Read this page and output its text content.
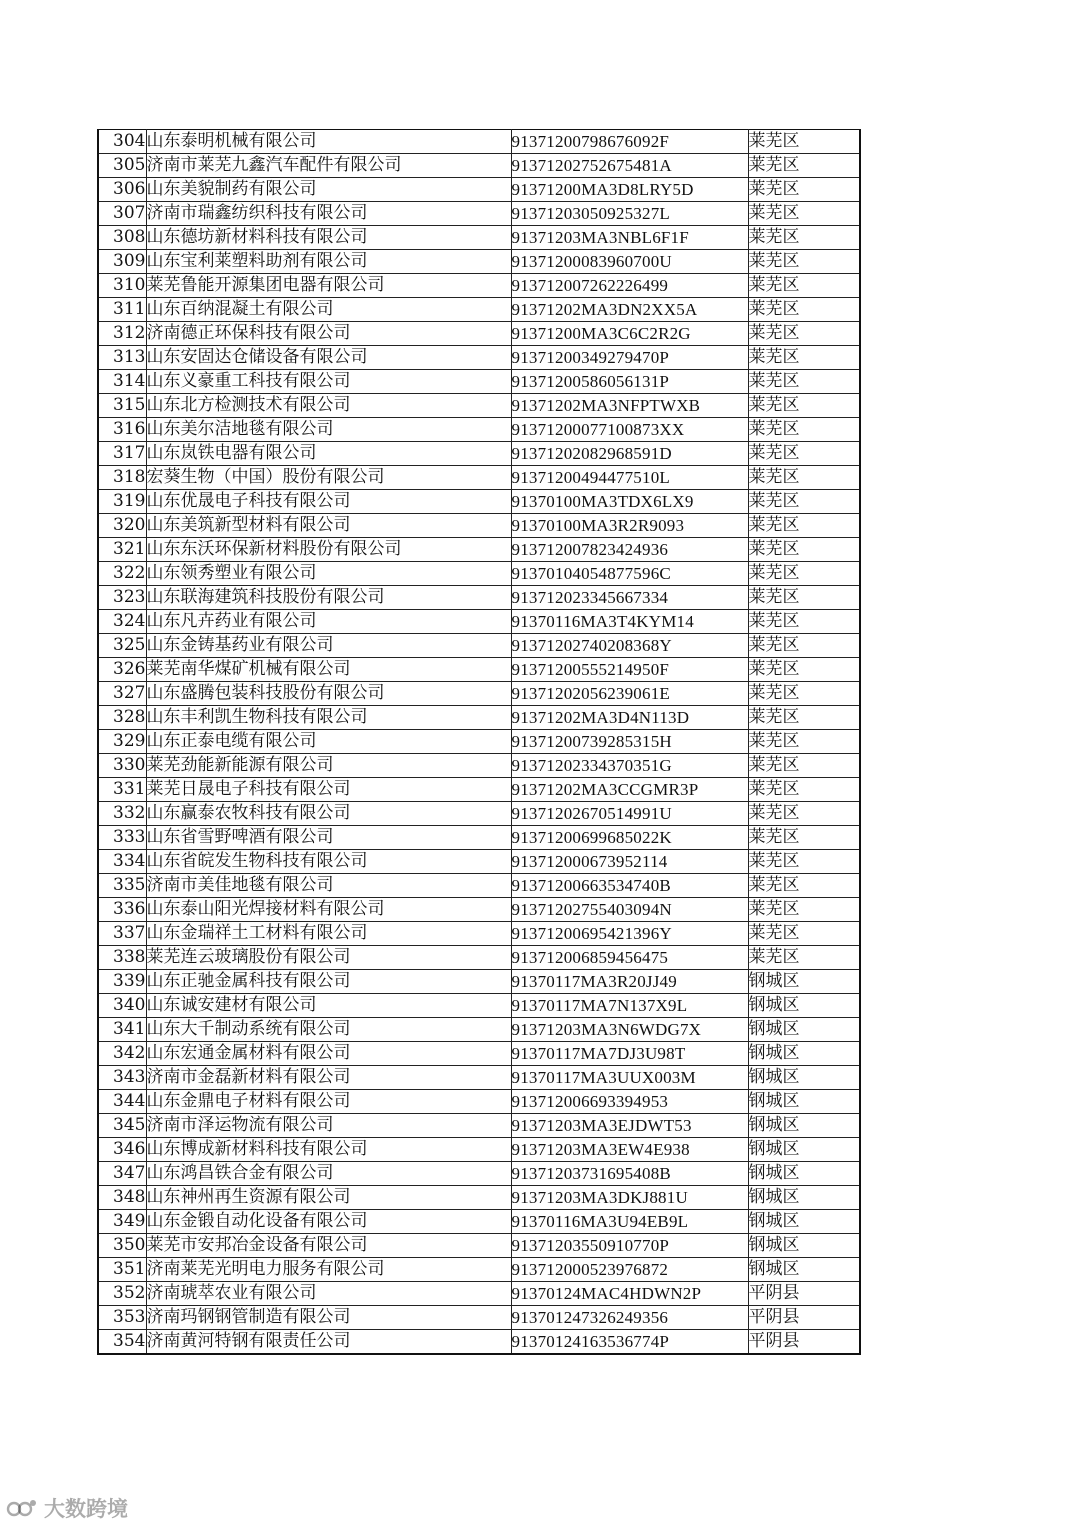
304	山东泰明机械有限公司	91371200798676092F	莱芜区
305	济南市莱芜九鑫汽车配件有限公司	91371202752675481A	莱芜区
306	山东美貌制药有限公司	91371200MA3D8LRY5D	莱芜区
307	济南市瑞鑫纺织科技有限公司	91371203050925327L	莱芜区
308	山东德坊新材料科技有限公司	91371203MA3NBL6F1F	莱芜区
309	山东宝利莱塑料助剂有限公司	91371200083960700U	莱芜区
310	莱芜鲁能开源集团电器有限公司	913712007262226499	莱芜区
311	山东百纳混凝土有限公司	91371202MA3DN2XX5A	莱芜区
312	济南德正环保科技有限公司	91371200MA3C6C2R2G	莱芜区
313	山东安固达仓储设备有限公司	91371200349279470P	莱芜区
314	山东义豪重工科技有限公司	91371200586056131P	莱芜区
315	山东北方检测技术有限公司	91371202MA3NFPTWXB	莱芜区
316	山东美尔洁地毯有限公司	91371200077100873XX	莱芜区
317	山东岚铁电器有限公司	91371202082968591D	莱芜区
318	宏葵生物（中国）股份有限公司	91371200494477510L	莱芜区
319	山东优晟电子科技有限公司	91370100MA3TDX6LX9	莱芜区
320	山东美筑新型材料有限公司	91370100MA3R2R9093	莱芜区
321	山东东沃环保新材料股份有限公司	913712007823424936	莱芜区
322	山东领秀塑业有限公司	91370104054877596C	莱芜区
323	山东联海建筑科技股份有限公司	913712023345667334	莱芜区
324	山东凡卉药业有限公司	91370116MA3T4KYM14	莱芜区
325	山东金铸基药业有限公司	91371202740208368Y	莱芜区
326	莱芜南华煤矿机械有限公司	91371200555214950F	莱芜区
327	山东盛腾包装科技股份有限公司	91371202056239061E	莱芜区
328	山东丰利凯生物科技有限公司	91371202MA3D4N113D	莱芜区
329	山东正泰电缆有限公司	91371200739285315H	莱芜区
330	莱芜劲能新能源有限公司	91371202334370351G	莱芜区
331	莱芜日晟电子科技有限公司	91371202MA3CCGMR3P	莱芜区
332	山东赢泰农牧科技有限公司	91371202670514991U	莱芜区
333	山东省雪野啤酒有限公司	91371200699685022K	莱芜区
334	山东省皖发生物科技有限公司	913712000673952114	莱芜区
335	济南市美佳地毯有限公司	91371200663534740B	莱芜区
336	山东泰山阳光焊接材料有限公司	91371202755403094N	莱芜区
337	山东金瑞祥土工材料有限公司	91371200695421396Y	莱芜区
338	莱芜连云玻璃股份有限公司	913712006859456475	莱芜区
339	山东正驰金属科技有限公司	91370117MA3R20JJ49	钢城区
340	山东诚安建材有限公司	91370117MA7N137X9L	钢城区
341	山东大千制动系统有限公司	91371203MA3N6WDG7X	钢城区
342	山东宏通金属材料有限公司	91370117MA7DJ3U98T	钢城区
343	济南市金磊新材料有限公司	91370117MA3UUX003M	钢城区
344	山东金鼎电子材料有限公司	913712006693394953	钢城区
345	济南市泽运物流有限公司	91371203MA3EJDWT53	钢城区
346	山东博成新材料科技有限公司	91371203MA3EW4E938	钢城区
347	山东鸿昌铁合金有限公司	91371203731695408B	钢城区
348	山东神州再生资源有限公司	91371203MA3DKJ881U	钢城区
349	山东金锻自动化设备有限公司	91370116MA3U94EB9L	钢城区
350	莱芜市安邦冶金设备有限公司	91371203550910770P	钢城区
351	济南莱芜光明电力服务有限公司	913712000523976872	钢城区
352	济南琥萃农业有限公司	91370124MAC4HDWN2P	平阴县
353	济南玛钢钢管制造有限公司	913701247326249356	平阴县
354	济南黄河特钢有限责任公司	91370124163536774P	平阴县
大数跨境
